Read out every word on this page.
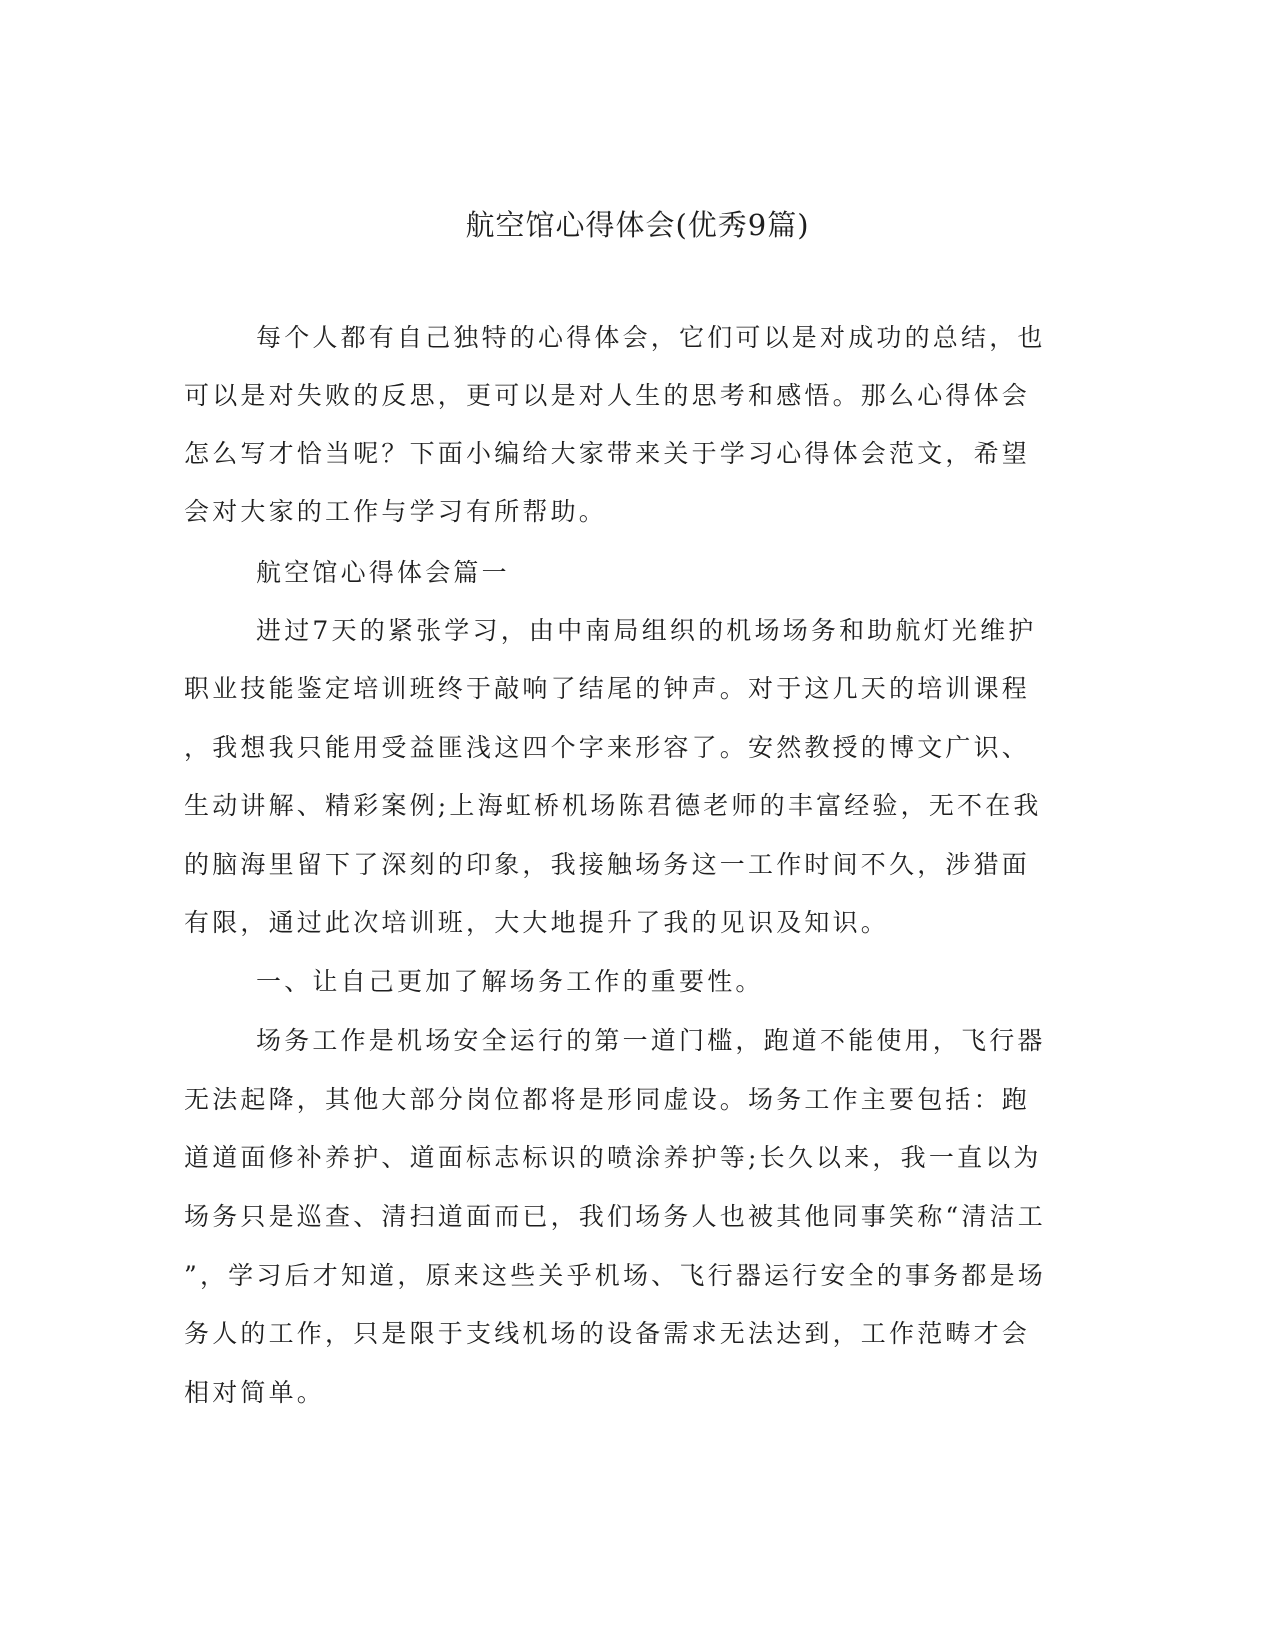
航空馆心得体会(优秀9篇)

每个人都有自己独特的心得体会，它们可以是对成功的总结，也

可以是对失败的反思，更可以是对人生的思考和感悟。那么心得体会

怎么写才恰当呢？下面小编给大家带来关于学习心得体会范文，希望

会对大家的工作与学习有所帮助。

航空馆心得体会篇一

进过7天的紧张学习，由中南局组织的机场场务和助航灯光维护

职业技能鉴定培训班终于敲响了结尾的钟声。对于这几天的培训课程

，我想我只能用受益匪浅这四个字来形容了。安然教授的博文广识、

生动讲解、精彩案例;上海虹桥机场陈君德老师的丰富经验，无不在我

的脑海里留下了深刻的印象，我接触场务这一工作时间不久，涉猎面

有限，通过此次培训班，大大地提升了我的见识及知识。

一、让自己更加了解场务工作的重要性。

场务工作是机场安全运行的第一道门槛，跑道不能使用，飞行器

无法起降，其他大部分岗位都将是形同虚设。场务工作主要包括：跑

道道面修补养护、道面标志标识的喷涂养护等;长久以来，我一直以为

场务只是巡查、清扫道面而已，我们场务人也被其他同事笑称“清洁工

”，学习后才知道，原来这些关乎机场、飞行器运行安全的事务都是场

务人的工作，只是限于支线机场的设备需求无法达到，工作范畴才会

相对简单。
